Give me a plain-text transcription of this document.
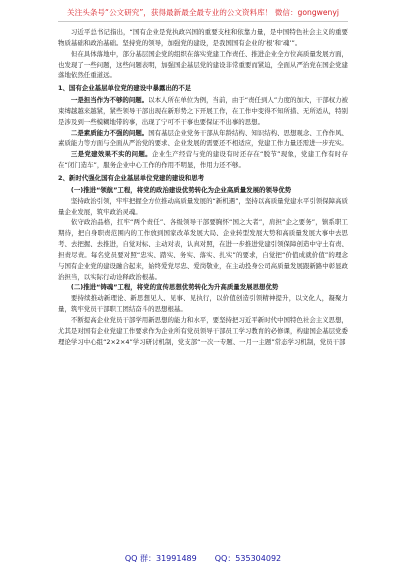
关注头条号“公文研究”，获得最新最全最专业的公文资料库！ 微信：gongwenyj

习近平总书记指出，“国有企业是党执政兴国的重要支柱和依靠力量，是中国特色社会主义的重要物质基础和政治基础。坚持党的领导，加强党的建设，是我国国有企业的‘根’和‘魂’”。

但在具体落地中，部分基层国企党的组织在落实党建工作责任、推进企业全方位高质量发展方面，也发现了一些问题，这些问题表明，加强国企基层党的建设非常重要而紧迫，全面从严治党在国企党建落地依然任重道远。

1、国有企业基层单位党的建设中暴露出的不足

一是担当作为不够的问题。以本人所在单位为例，当前，由于“责任到人”力度的加大，干部权力被束缚越越来越紧，紧些领导干部出现在新形势之下开展工作，在工作中变得不知所措、无所适从，特别是涉及到一些模糊地带的事，出现了宁可不干事也要保证不出事的思想。

二是素质能力不强的问题。国有基层企业党务干部从年龄结构、知识结构、思想观念、工作作风、素质能力等方面与全面从严治党的要求、企业发展的需要还不相适应，党建工作力量还需进一步充实。

三是党建效果不实的问题。企业生产经营与党的建设有时还存在“脱节”现象，党建工作有时存在“闭门造车”，服务企业中心工作的作用不明显，作用力还不够。

2、新时代强化国有企业基层单位党建的建设和思考

(一)推进“领航”工程，将党的政治建设优势转化为企业高质量发展的领导优势

坚持政治引领，牢牢把握全方位推动高质量发展的“新机遇”，坚持以高质量党建水平引领保障高质量企业发展，筑牢政治灵魂。

依守政治品格，扛牢“两个责任”、各级领导干部要胸怀“国之大者”，肩担“企之要务”，镇系职工期待，把自身职责范围内的工作放到国家改革发展大局、企业转型发展大势和高质量发展大事中去思考、去把握、去推进，自觉对标、主动对表，认真对照，在进一步推进党建引领保障创造中守土有责、担责尽责。每名党员要对照“忠实、踏实、务实、落实、扎实”的要求，自觉把“价值成就价值”的理念与国有企业党的建设融合起来，始终爱党尽忠、爱岗敬业，在主动投身公司高质量发展跟新路中彰显政治担当，以实际行动诠释政治根基。

(二)推进“铸魂”工程，将党的宣传思想优势转化为升高质量发展思想优势

要持续推动新理论、新思想见人、见事、见执行，以价值创造引领精神提升，以文化人，凝聚力量，筑牢党员干部职工团结奋斗的思想根基。

不断提高企业党员干部学用新思想的能力和水平，要坚持把习近平新时代中国特色社会主义思想，尤其是对国有企业党建工作要求作为企业所有党员领导干部员工学习教育的必修课，构建国企基层党委理论学习中心组“2×2×4”学习研讨机制，党支部“一次一专题、一月一主题”常态学习机制，党员干部

QQ 群：31991489 QQ：535304092
